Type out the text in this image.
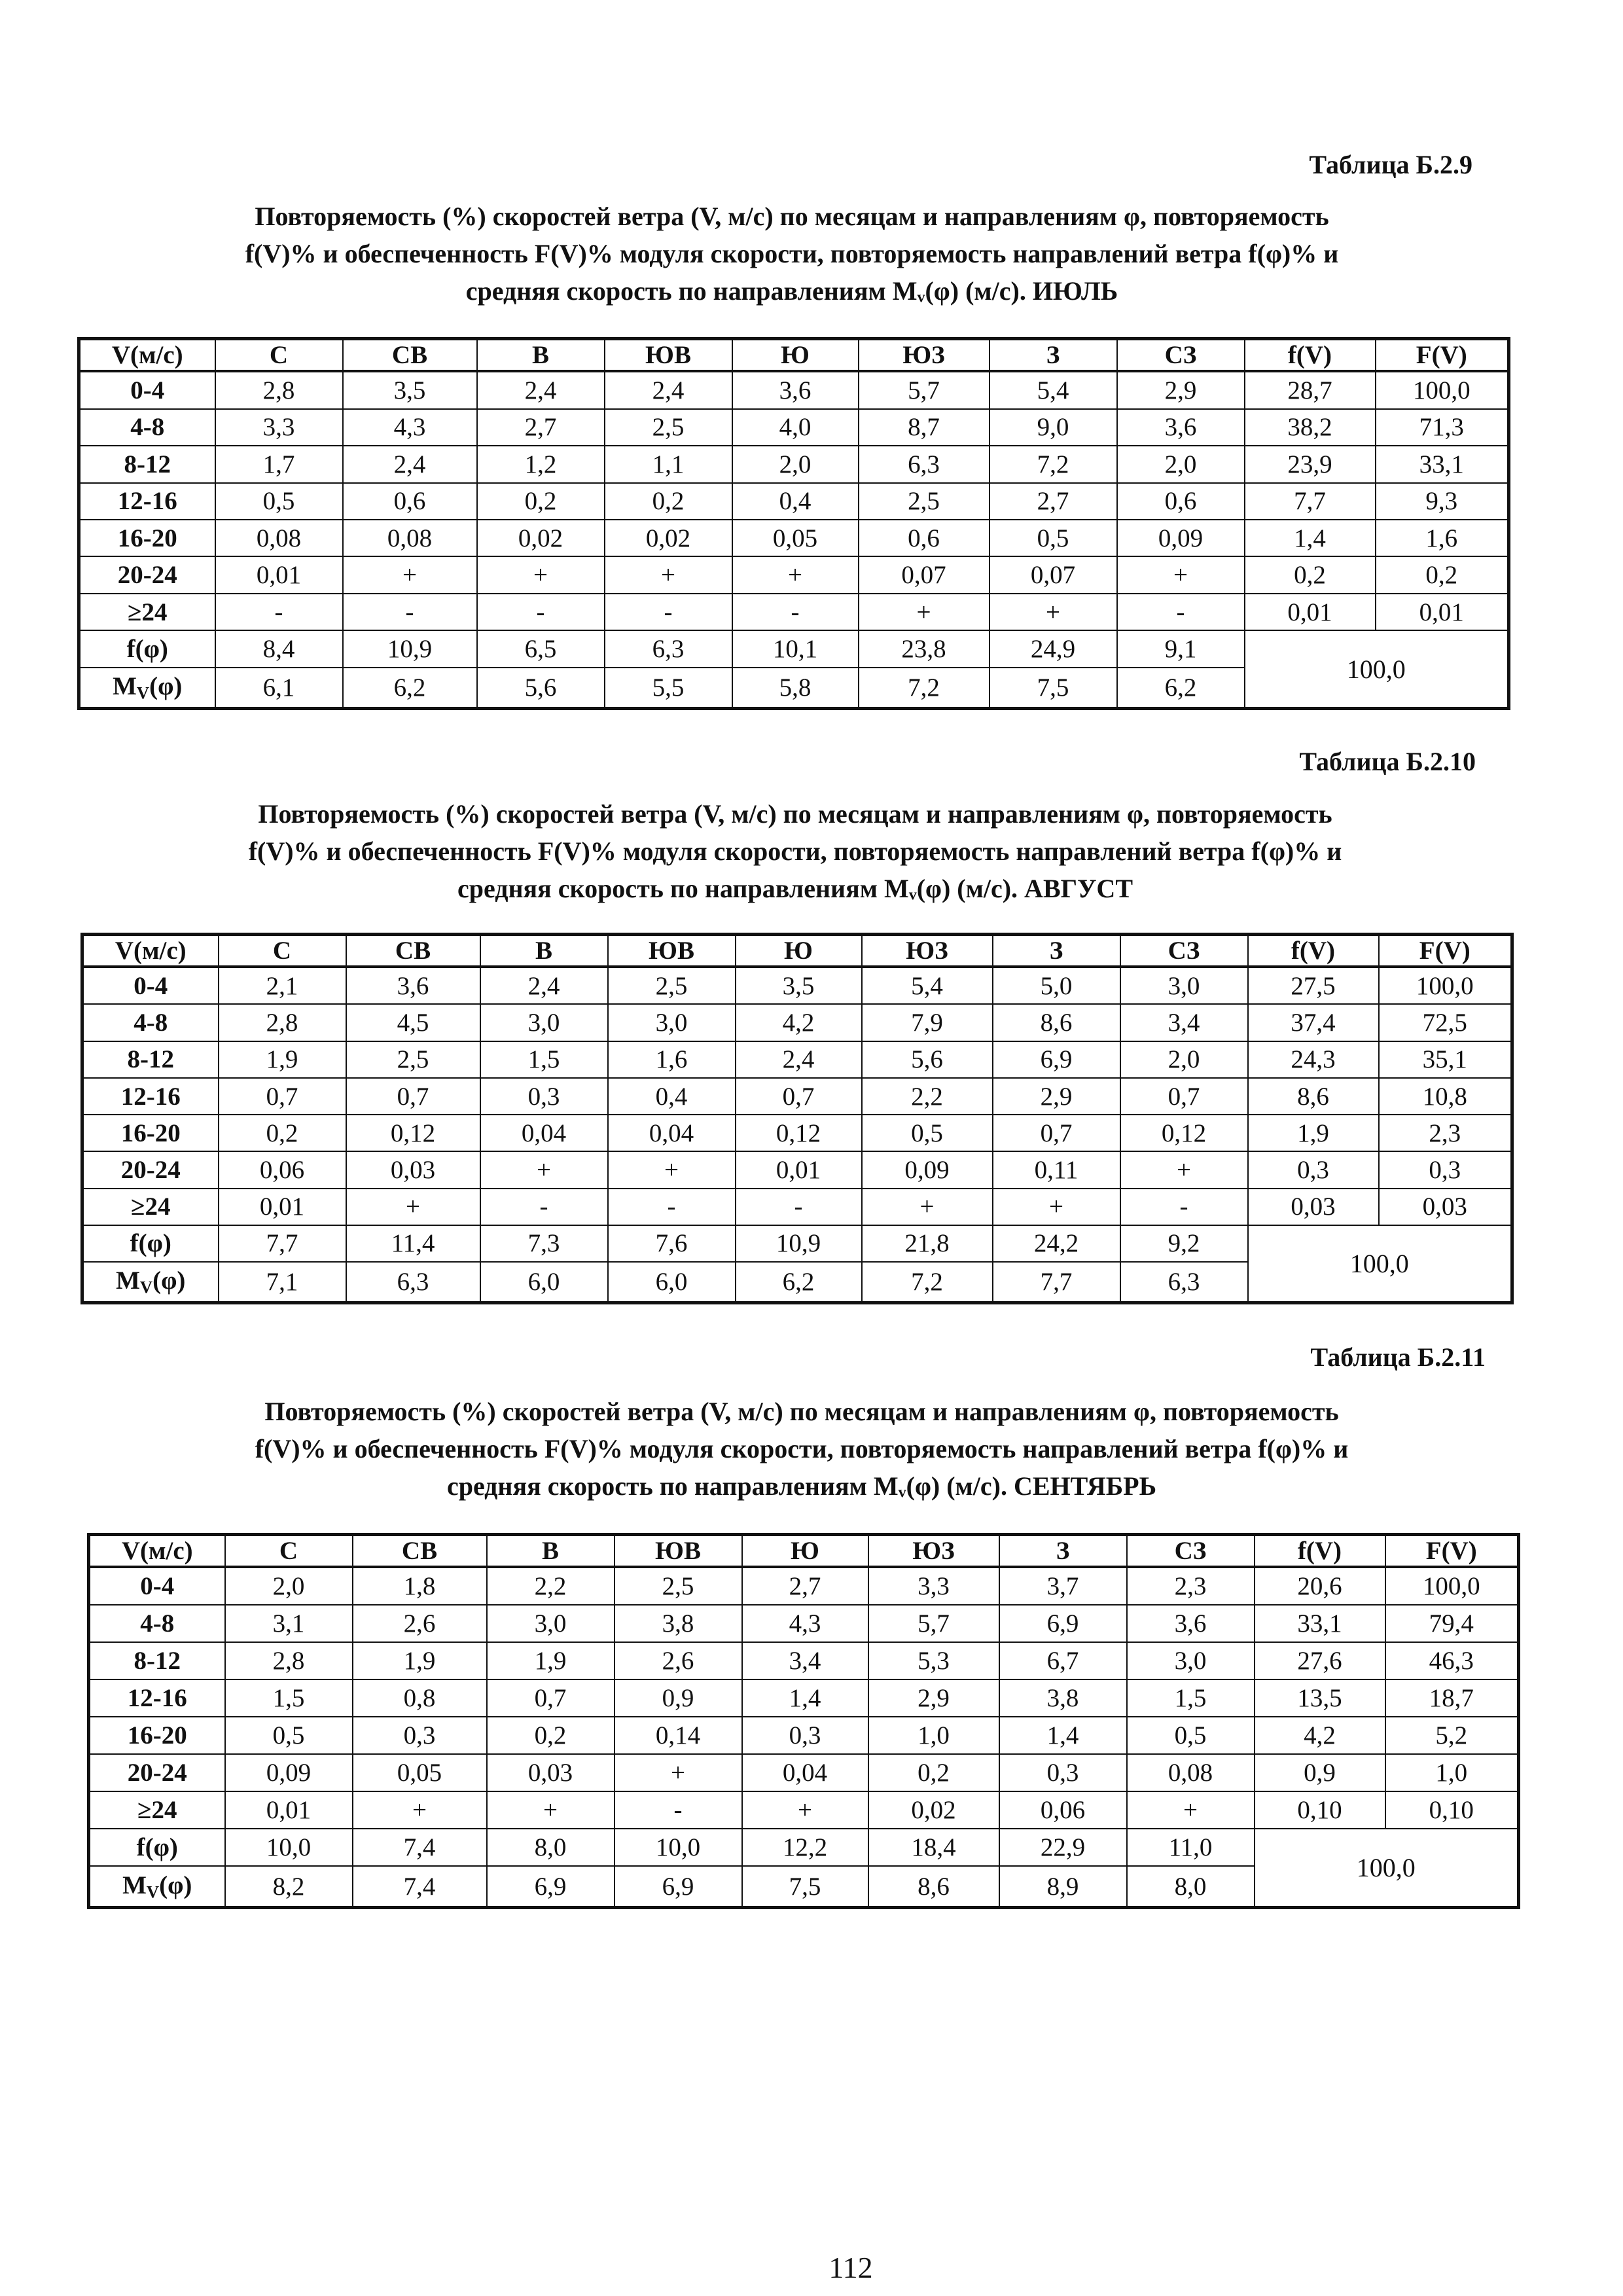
Таблица Б.2.9
Повторяемость (%) скоростей ветра (V, м/с) по месяцам и направлениям φ, повторяемость
f(V)% и обеспеченность F(V)% модуля скорости, повторяемость направлений ветра f(φ)% и
средняя скорость по направлениям Mᵥ(φ) (м/с). ИЮЛЬ
V(м/с)	С	СВ	В	ЮВ	Ю	ЮЗ	З	СЗ	f(V)	F(V)
0-4	2,8	3,5	2,4	2,4	3,6	5,7	5,4	2,9	28,7	100,0
4-8	3,3	4,3	2,7	2,5	4,0	8,7	9,0	3,6	38,2	71,3
8-12	1,7	2,4	1,2	1,1	2,0	6,3	7,2	2,0	23,9	33,1
12-16	0,5	0,6	0,2	0,2	0,4	2,5	2,7	0,6	7,7	9,3
16-20	0,08	0,08	0,02	0,02	0,05	0,6	0,5	0,09	1,4	1,6
20-24	0,01	+	+	+	+	0,07	0,07	+	0,2	0,2
≥24	-	-	-	-	-	+	+	-	0,01	0,01
f(φ)	8,4	10,9	6,5	6,3	10,1	23,8	24,9	9,1	100,0	
$M_V(\varphi)$	6,1	6,2	5,6	5,5	5,8	7,2	7,5	6,2		
Таблица Б.2.10
Повторяемость (%) скоростей ветра (V, м/с) по месяцам и направлениям φ, повторяемость
f(V)% и обеспеченность F(V)% модуля скорости, повторяемость направлений ветра f(φ)% и
средняя скорость по направлениям Mᵥ(φ) (м/с). АВГУСТ
V(м/с)	С	СВ	В	ЮВ	Ю	ЮЗ	З	СЗ	f(V)	F(V)
0-4	2,1	3,6	2,4	2,5	3,5	5,4	5,0	3,0	27,5	100,0
4-8	2,8	4,5	3,0	3,0	4,2	7,9	8,6	3,4	37,4	72,5
8-12	1,9	2,5	1,5	1,6	2,4	5,6	6,9	2,0	24,3	35,1
12-16	0,7	0,7	0,3	0,4	0,7	2,2	2,9	0,7	8,6	10,8
16-20	0,2	0,12	0,04	0,04	0,12	0,5	0,7	0,12	1,9	2,3
20-24	0,06	0,03	+	+	0,01	0,09	0,11	+	0,3	0,3
≥24	0,01	+	-	-	-	+	+	-	0,03	0,03
f(φ)	7,7	11,4	7,3	7,6	10,9	21,8	24,2	9,2	100,0	
$M_V(\varphi)$	7,1	6,3	6,0	6,0	6,2	7,2	7,7	6,3		
Таблица Б.2.11
Повторяемость (%) скоростей ветра (V, м/с) по месяцам и направлениям φ, повторяемость
f(V)% и обеспеченность F(V)% модуля скорости, повторяемость направлений ветра f(φ)% и
средняя скорость по направлениям Mᵥ(φ) (м/с). СЕНТЯБРЬ
V(м/с)	С	СВ	В	ЮВ	Ю	ЮЗ	З	СЗ	f(V)	F(V)
0-4	2,0	1,8	2,2	2,5	2,7	3,3	3,7	2,3	20,6	100,0
4-8	3,1	2,6	3,0	3,8	4,3	5,7	6,9	3,6	33,1	79,4
8-12	2,8	1,9	1,9	2,6	3,4	5,3	6,7	3,0	27,6	46,3
12-16	1,5	0,8	0,7	0,9	1,4	2,9	3,8	1,5	13,5	18,7
16-20	0,5	0,3	0,2	0,14	0,3	1,0	1,4	0,5	4,2	5,2
20-24	0,09	0,05	0,03	+	0,04	0,2	0,3	0,08	0,9	1,0
≥24	0,01	+	+	-	+	0,02	0,06	+	0,10	0,10
f(φ)	10,0	7,4	8,0	10,0	12,2	18,4	22,9	11,0	100,0	
$M_V(\varphi)$	8,2	7,4	6,9	6,9	7,5	8,6	8,9	8,0		
112
